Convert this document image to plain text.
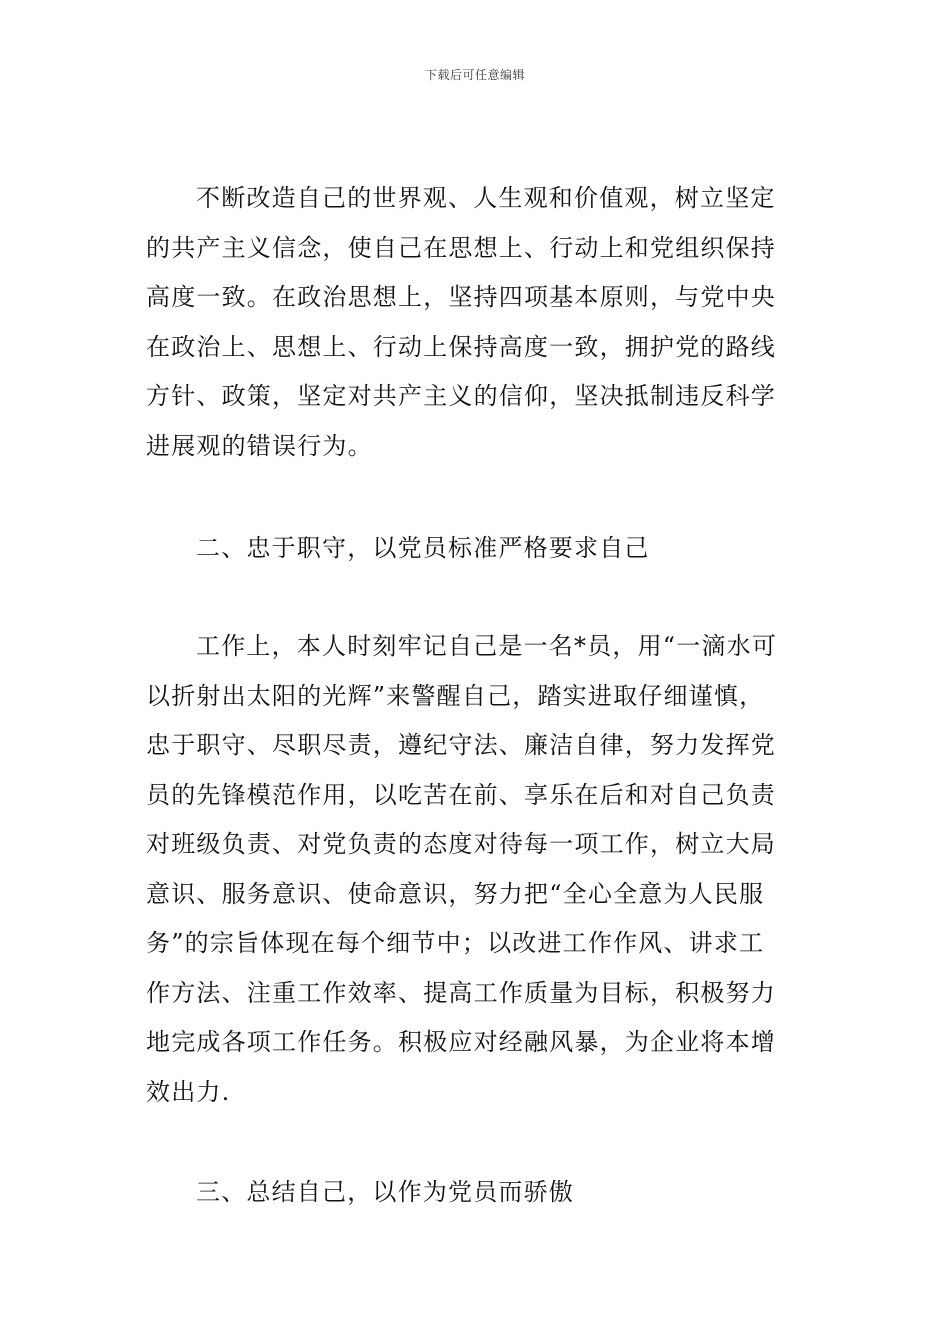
下载后可任意编辑
不断改造自己的世界观、人生观和价值观，树立坚定
的共产主义信念，使自己在思想上、行动上和党组织保持
高度一致。在政治思想上，坚持四项基本原则，与党中央
在政治上、思想上、行动上保持高度一致，拥护党的路线
方针、政策，坚定对共产主义的信仰，坚决抵制违反科学
进展观的错误行为。
二、忠于职守，以党员标准严格要求自己
工作上，本人时刻牢记自己是一名*员，用“一滴水可
以折射出太阳的光辉”来警醒自己，踏实进取仔细谨慎，
忠于职守、尽职尽责，遵纪守法、廉洁自律，努力发挥党
员的先锋模范作用，以吃苦在前、享乐在后和对自己负责
对班级负责、对党负责的态度对待每一项工作，树立大局
意识、服务意识、使命意识，努力把“全心全意为人民服
务”的宗旨体现在每个细节中；以改进工作作风、讲求工
作方法、注重工作效率、提高工作质量为目标，积极努力
地完成各项工作任务。积极应对经融风暴，为企业将本增
效出力.
三、总结自己，以作为党员而骄傲
